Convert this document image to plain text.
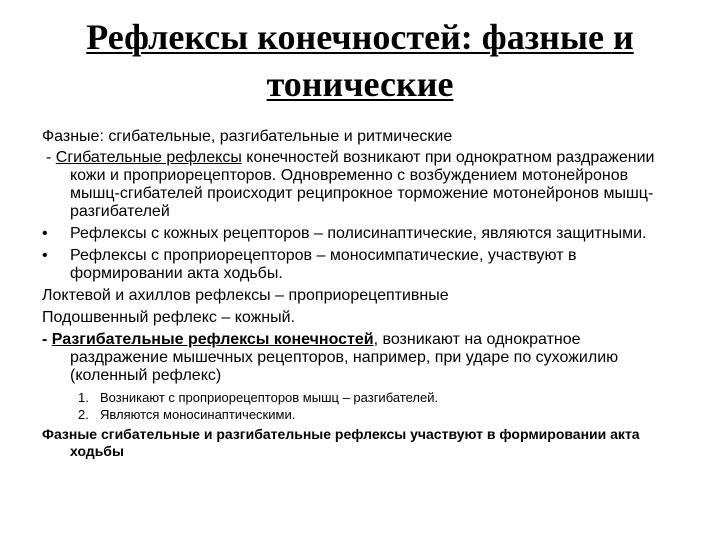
Рефлексы конечностей: фазные и тонические

Фазные: сгибательные, разгибательные и ритмические

- Сгибательные рефлексы конечностей возникают при однократном раздражении кожи и проприорецепторов. Одновременно с возбуждением мотонейронов мышц-сгибателей происходит реципрокное торможение мотонейронов мышц-разгибателей

•	Рефлексы с кожных рецепторов – полисинаптические, являются защитными.
•	Рефлексы с проприорецепторов – моносимпатические, участвуют в формировании акта ходьбы.

Локтевой и ахиллов рефлексы – проприорецептивные

Подошвенный рефлекс – кожный.

- Разгибательные рефлексы конечностей, возникают на однократное раздражение мышечных рецепторов, например, при ударе по сухожилию (коленный рефлекс)

1. Возникают с проприорецепторов мышц – разгибателей.
2. Являются моносинаптическими.

Фазные сгибательные и разгибательные рефлексы участвуют в формировании акта ходьбы
